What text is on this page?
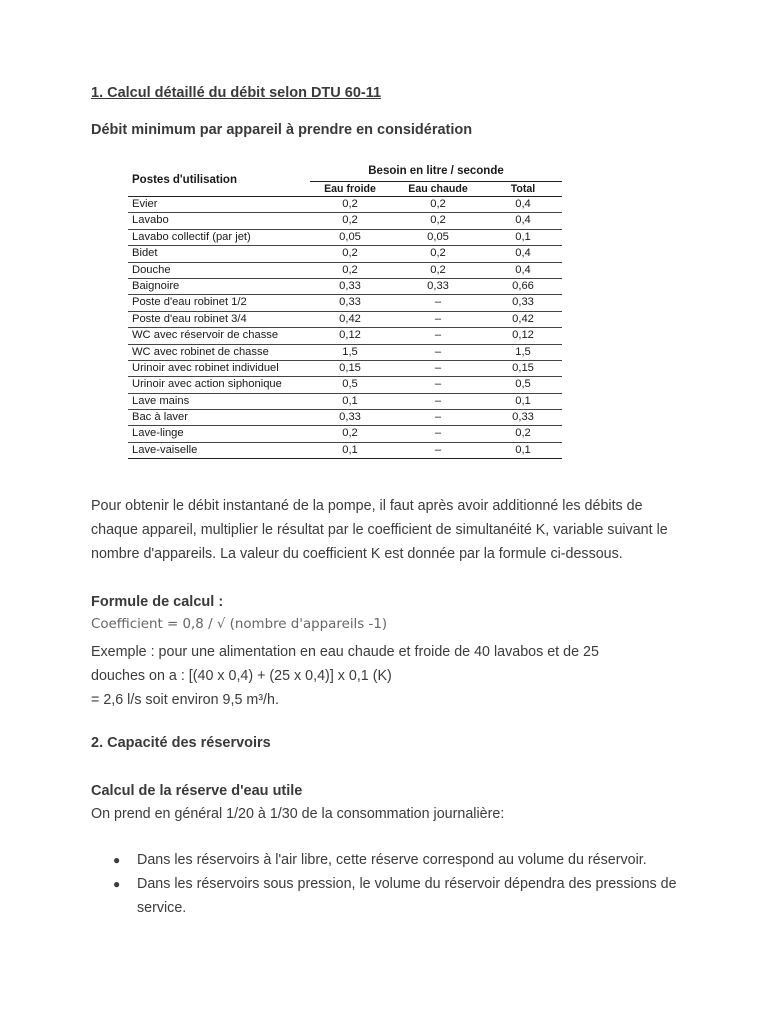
1. Calcul détaillé du débit selon DTU 60-11
Débit minimum par appareil à prendre en considération
Postes d'utilisation
Besoin en litre / seconde
Eau froide	Eau chaude	Total
Evier	0,2	0,2	0,4
Lavabo	0,2	0,2	0,4
Lavabo collectif (par jet)	0,05	0,05	0,1
Bidet	0,2	0,2	0,4
Douche	0,2	0,2	0,4
Baignoire	0,33	0,33	0,66
Poste d'eau robinet 1/2	0,33	–	0,33
Poste d'eau robinet 3/4	0,42	–	0,42
WC avec réservoir de chasse	0,12	–	0,12
WC avec robinet de chasse	1,5	–	1,5
Urinoir avec robinet individuel	0,15	–	0,15
Urinoir avec action siphonique	0,5	–	0,5
Lave mains	0,1	–	0,1
Bac à laver	0,33	–	0,33
Lave-linge	0,2	–	0,2
Lave-vaiselle	0,1	–	0,1
Pour obtenir le débit instantané de la pompe, il faut après avoir additionné les débits de chaque appareil, multiplier le résultat par le coefficient de simultanéité K, variable suivant le nombre d'appareils. La valeur du coefficient K est donnée par la formule ci-dessous.
Formule de calcul :
Coefficient = 0,8 / √ (nombre d'appareils -1)
Exemple : pour une alimentation en eau chaude et froide de 40 lavabos et de 25
douches on a : [(40 x 0,4) + (25 x 0,4)] x 0,1 (K)
= 2,6 l/s soit environ 9,5 m³/h.
2. Capacité des réservoirs
Calcul de la réserve d'eau utile
On prend en général 1/20 à 1/30 de la consommation journalière:
● Dans les réservoirs à l'air libre, cette réserve correspond au volume du réservoir.
● Dans les réservoirs sous pression, le volume du réservoir dépendra des pressions de service.
